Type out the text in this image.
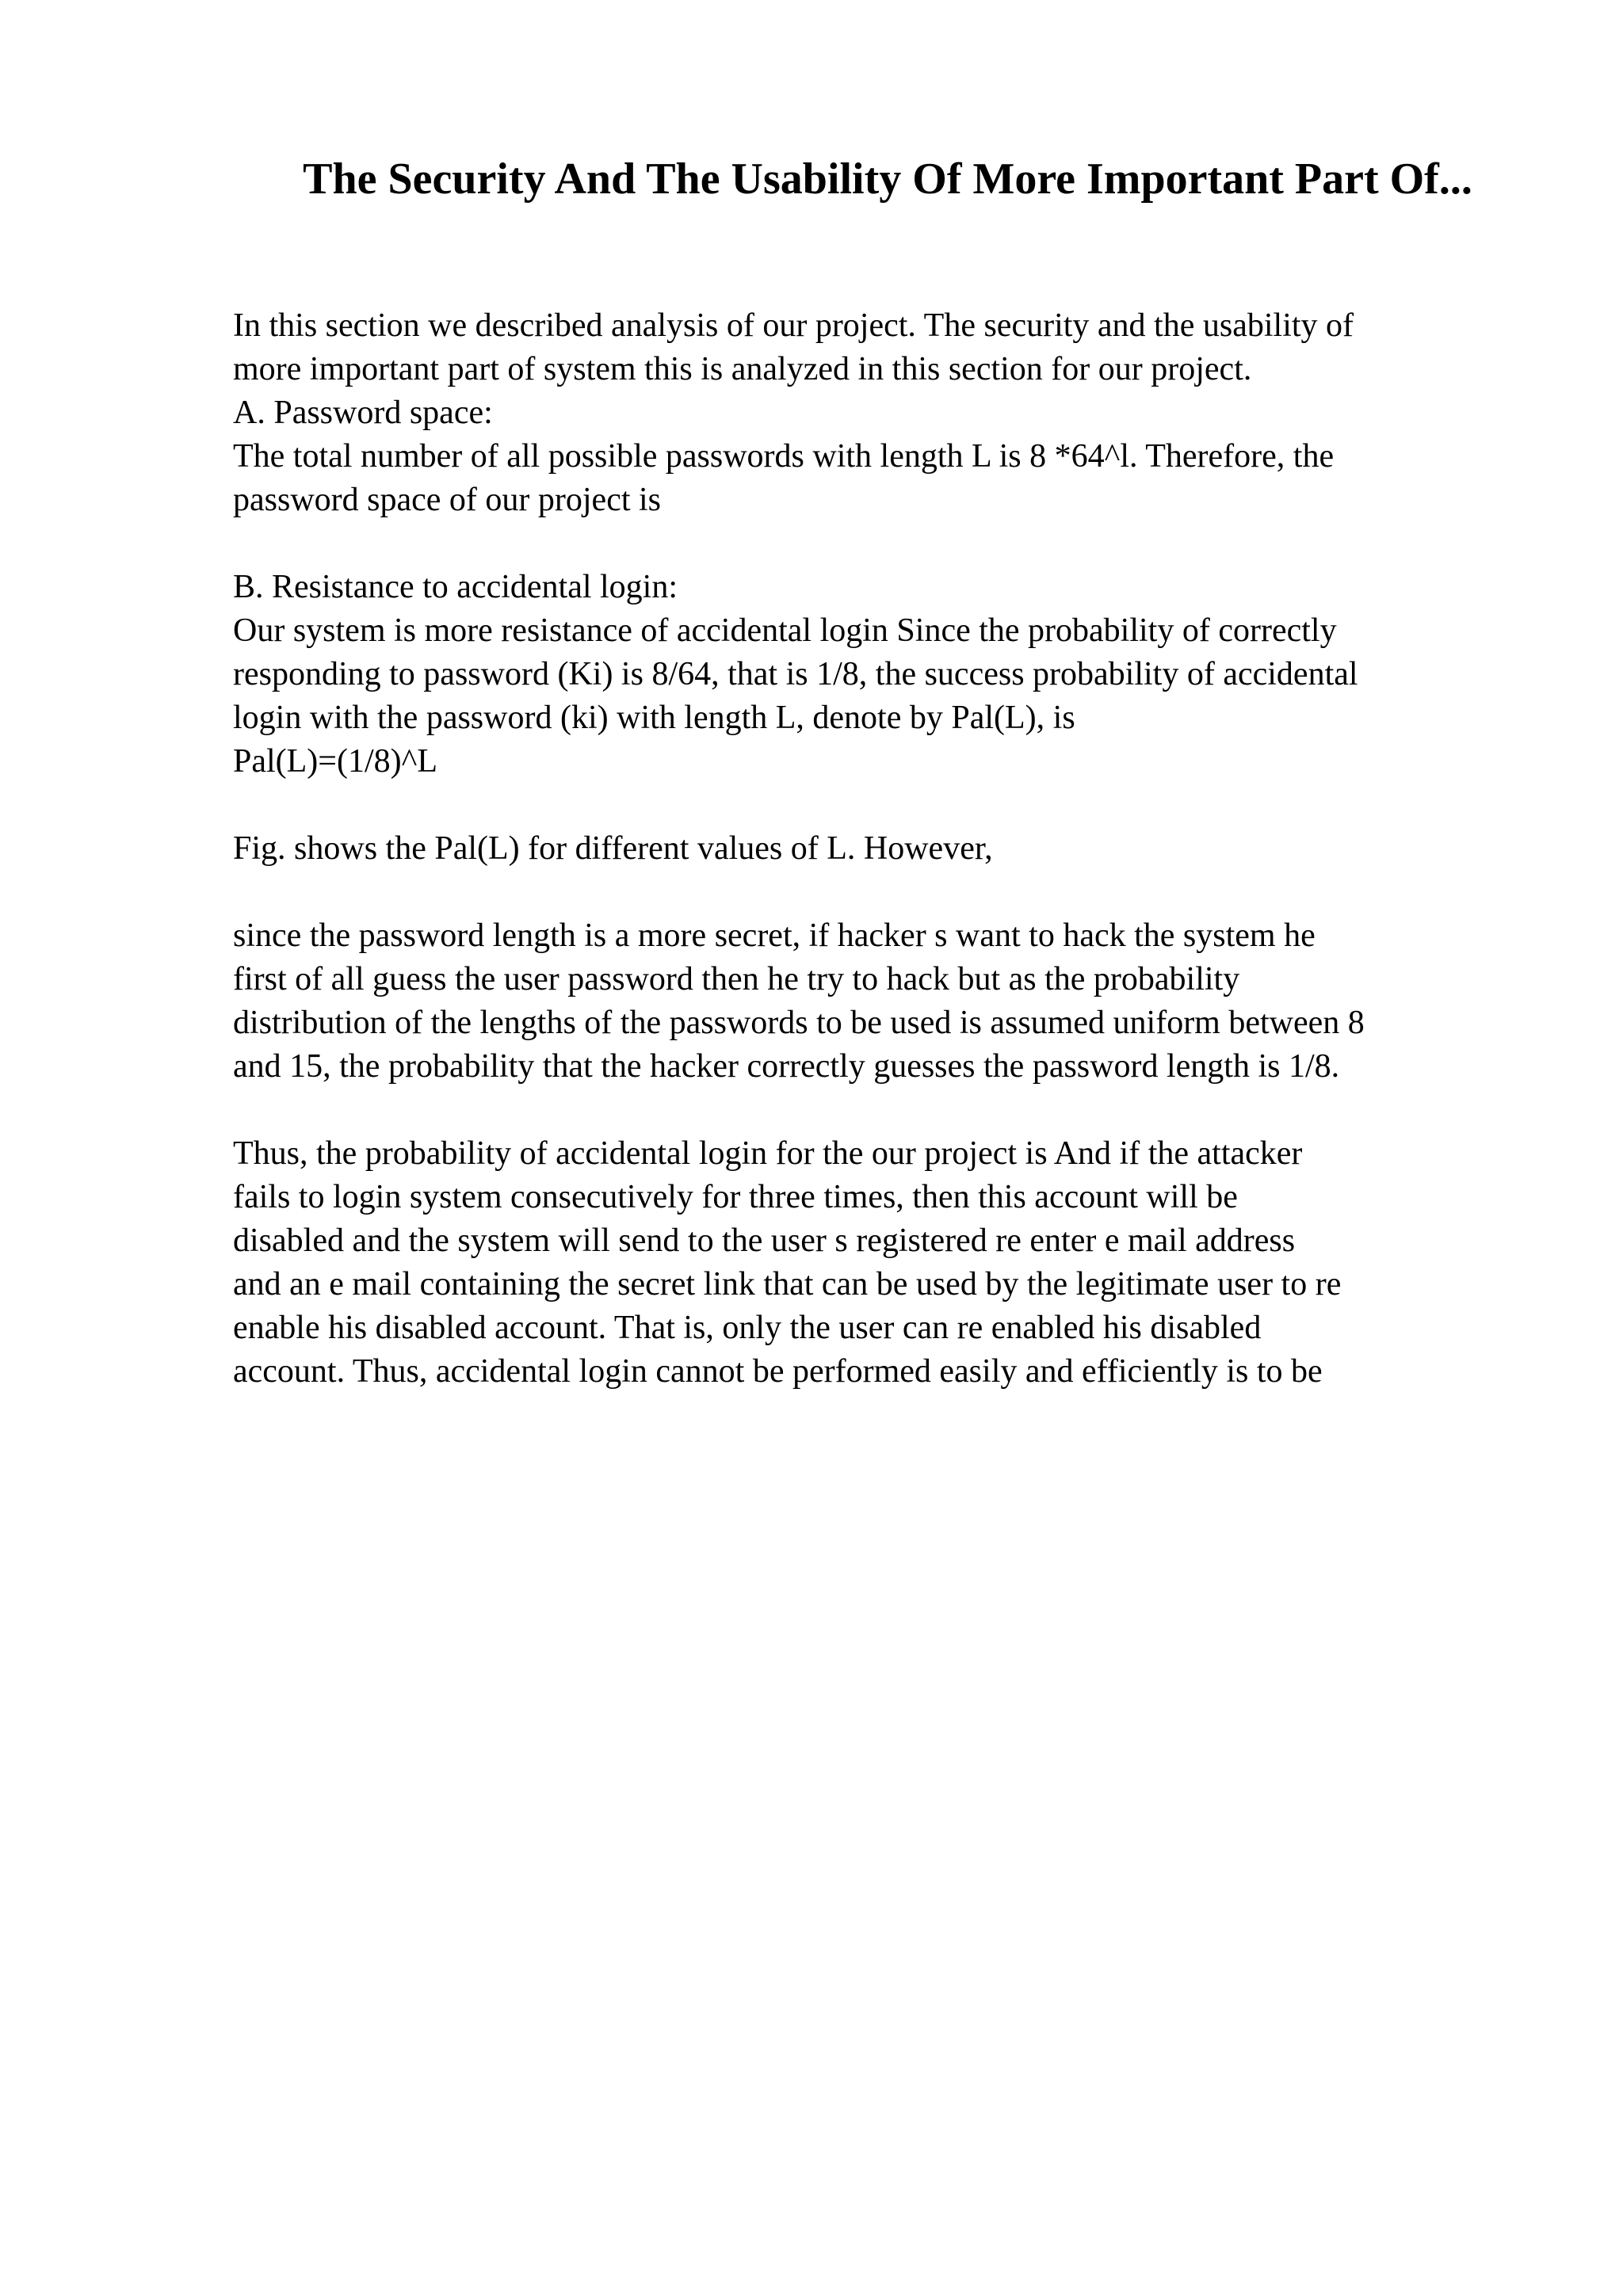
The Security And The Usability Of More Important Part Of...
In this section we described analysis of our project. The security and the usability of
more important part of system this is analyzed in this section for our project.
A. Password space:
The total number of all possible passwords with length L is 8 *64^l. Therefore, the
password space of our project is
B. Resistance to accidental login:
Our system is more resistance of accidental login Since the probability of correctly
responding to password (Ki) is 8/64, that is 1/8, the success probability of accidental
login with the password (ki) with length L, denote by Pal(L), is
Pal(L)=(1/8)^L
Fig. shows the Pal(L) for different values of L. However,
since the password length is a more secret, if hacker s want to hack the system he
first of all guess the user password then he try to hack but as the probability
distribution of the lengths of the passwords to be used is assumed uniform between 8
and 15, the probability that the hacker correctly guesses the password length is 1/8.
Thus, the probability of accidental login for the our project is And if the attacker
fails to login system consecutively for three times, then this account will be
disabled and the system will send to the user s registered re enter e mail address
and an e mail containing the secret link that can be used by the legitimate user to re
enable his disabled account. That is, only the user can re enabled his disabled
account. Thus, accidental login cannot be performed easily and efficiently is to be
